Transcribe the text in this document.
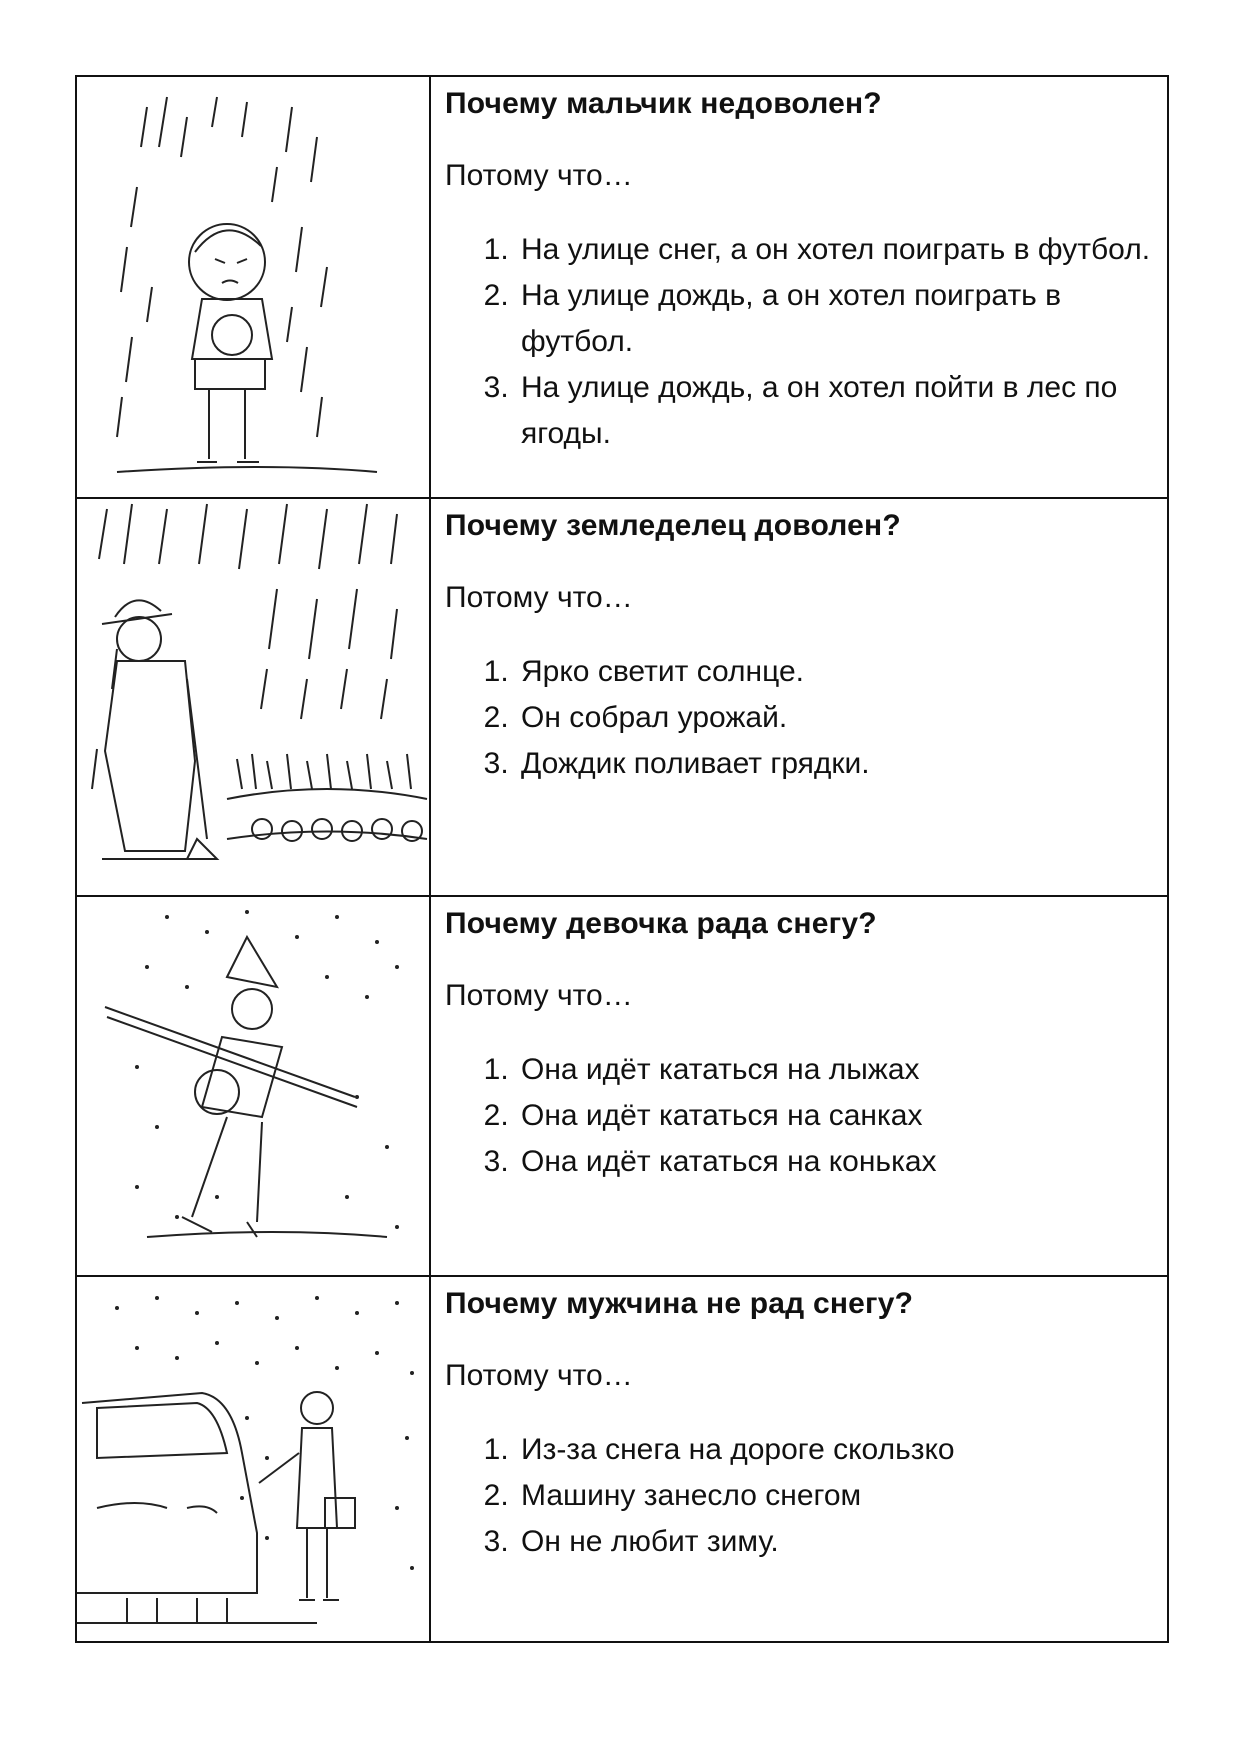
Почему мальчик недоволен?

Потому что…

1. На улице снег, а он хотел поиграть в футбол.
2. На улице дождь, а он хотел поиграть в футбол.
3. На улице дождь, а он хотел пойти в лес по ягоды.

Почему земледелец доволен?

Потому что…

1. Ярко светит солнце.
2. Он собрал урожай.
3. Дождик поливает грядки.

Почему девочка рада снегу?

Потому что…

1. Она идёт кататься на лыжах
2. Она идёт кататься на санках
3. Она идёт кататься на коньках

Почему мужчина не рад снегу?

Потому что…

1. Из-за снега на дороге скользко
2. Машину занесло снегом
3. Он не любит зиму.
